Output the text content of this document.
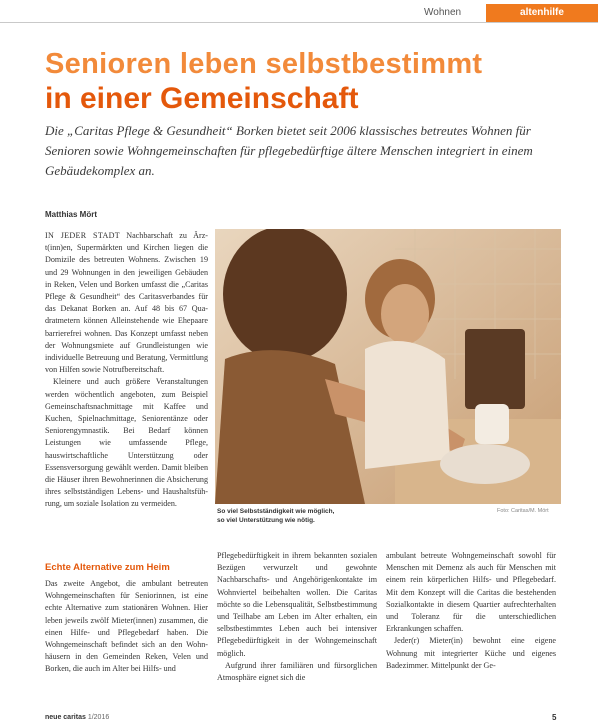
Wohnen	altenhilfe
Senioren leben selbstbestimmt
in einer Gemeinschaft
Die „Caritas Pflege & Gesundheit“ Borken bietet seit 2006 klassisches betreutes Wohnen für Senioren sowie Wohngemeinschaften für pflegebedürftige ältere Menschen integriert in einem Gebäudekomplex an.
Matthias Mört

IN JEDER STADT Nachbarschaft zu Ärzt(inn)en, Supermärkten und Kirchen liegen die Domizile des betreuten Wohnens. Zwischen 19 und 29 Wohnungen in den jeweiligen Gebäuden in Reken, Velen und Borken umfasst die „Caritas Pflege & Gesundheit“ des Caritasverbandes für das Dekanat Borken an. Auf 48 bis 67 Quadratmetern können Alleinstehende wie Ehepaare barrierefrei wohnen. Das Konzept umfasst neben der Wohnungsmiete auf Grundleistungen wie individuelle Betreuung und Beratung, Vermittlung von Hilfen sowie Notrufbereitschaft.

Kleinere und auch größere Veranstaltungen werden wöchentlich angeboten, zum Beispiel Gemeinschaftsnachmittage mit Kaffee und Kuchen, Spielnachmittage, Seniorentänze oder Seniorengymnastik. Bei Bedarf können Leistungen wie umfassende Pflege, hauswirtschaftliche Unterstützung oder Essensversorgung gewählt werden. Damit bleiben die Häuser ihren Bewohnerinnen die Absicherung ihres selbstständigen Lebens- und Haushaltsführung, um soziale Isolation zu vermeiden.

Echte Alternative zum Heim

Das zweite Angebot, die ambulant betreuten Wohngemeinschaften für Seniorinnen, ist eine echte Alternative zum stationären Wohnen. Hier leben jeweils zwölf Mieter(innen) zusammen, die einen Hilfe- und Pflegebedarf haben. Die Wohngemeinschaft befindet sich an den Wohnhäusern in den Gemeinden Reken, Velen und Borken, die auch im Alter bei Hilfs- und

So viel Selbstständigkeit wie möglich,
so viel Unterstützung wie nötig.
Foto: Caritas/M. Mört

Pflegebedürftigkeit in ihrem bekannten sozialen Bezügen verwurzelt und gewohnte Nachbarschafts- und Angehörigenkontakte im Wohnviertel beibehalten wollen. Die Caritas möchte so die Lebensqualität, Selbstbestimmung und Teilhabe am Leben im Alter erhalten, ein selbstbestimmtes Leben auch bei intensiver Pflegebedürftigkeit in der Wohngemeinschaft möglich.

Aufgrund ihrer familiären und fürsorglichen Atmosphäre eignet sich die

ambulant betreute Wohngemeinschaft sowohl für Menschen mit Demenz als auch für Menschen mit einem rein körperlichen Hilfs- und Pflegebedarf. Mit dem Konzept will die Caritas die bestehenden Sozialkontakte in diesem Quartier aufrechterhalten und Toleranz für die unterschiedlichen Erkrankungen schaffen.

Jeder(r) Mieter(in) bewohnt eine eigene Wohnung mit integrierter Küche und eigenes Badezimmer. Mittelpunkt der Ge-

neue caritas 1/2016	5
